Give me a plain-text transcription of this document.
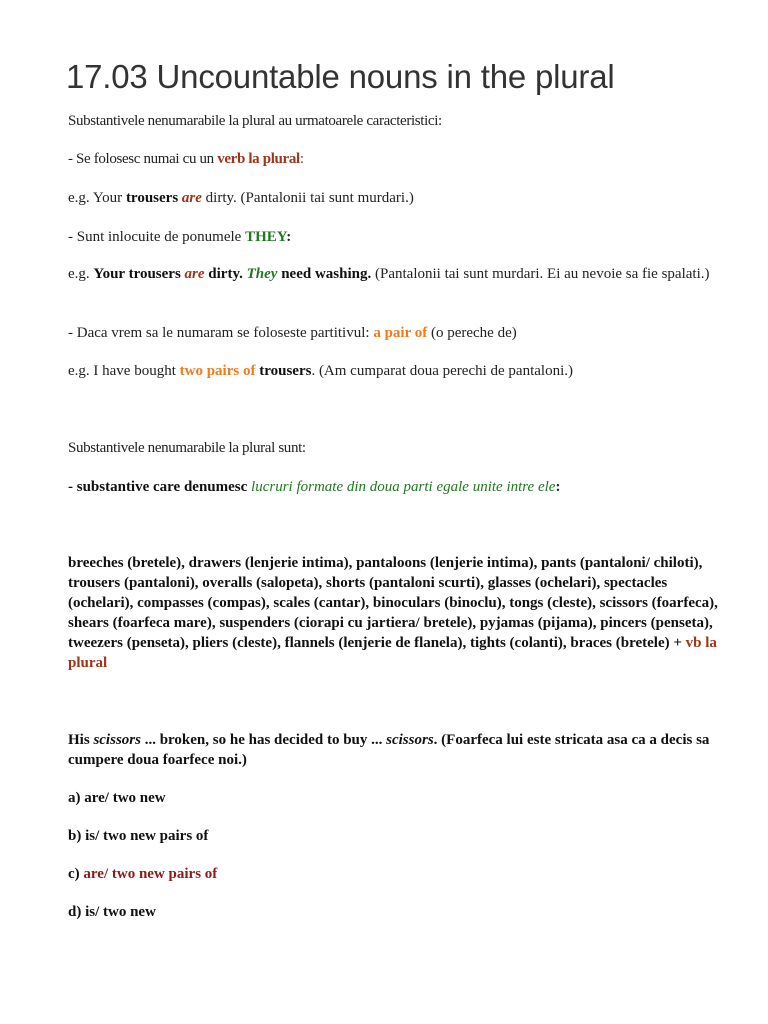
17.03 Uncountable nouns in the plural

Substantivele nenumarabile la plural au urmatoarele caracteristici:

- Se folosesc numai cu un verb la plural:

e.g. Your trousers are dirty. (Pantalonii tai sunt murdari.)

- Sunt inlocuite de ponumele THEY:

e.g. Your trousers are dirty. They need washing. (Pantalonii tai sunt murdari. Ei au nevoie sa fie spalati.)

- Daca vrem sa le numaram se foloseste partitivul: a pair of (o pereche de)

e.g. I have bought two pairs of trousers. (Am cumparat doua perechi de pantaloni.)

Substantivele nenumarabile la plural sunt:

- substantive care denumesc lucruri formate din doua parti egale unite intre ele:

breeches (bretele), drawers (lenjerie intima), pantaloons (lenjerie intima), pants (pantaloni/ chiloti), trousers (pantaloni), overalls (salopeta), shorts (pantaloni scurti), glasses (ochelari), spectacles (ochelari), compasses (compas), scales (cantar), binoculars (binoclu), tongs (cleste), scissors (foarfeca), shears (foarfeca mare), suspenders (ciorapi cu jartiera/ bretele), pyjamas (pijama), pincers (penseta), tweezers (penseta), pliers (cleste), flannels (lenjerie de flanela), tights (colanti), braces (bretele) + vb la plural

His scissors ... broken, so he has decided to buy ... scissors. (Foarfeca lui este stricata asa ca a decis sa cumpere doua foarfece noi.)

a) are/ two new

b) is/ two new pairs of

c) are/ two new pairs of

d) is/ two new
